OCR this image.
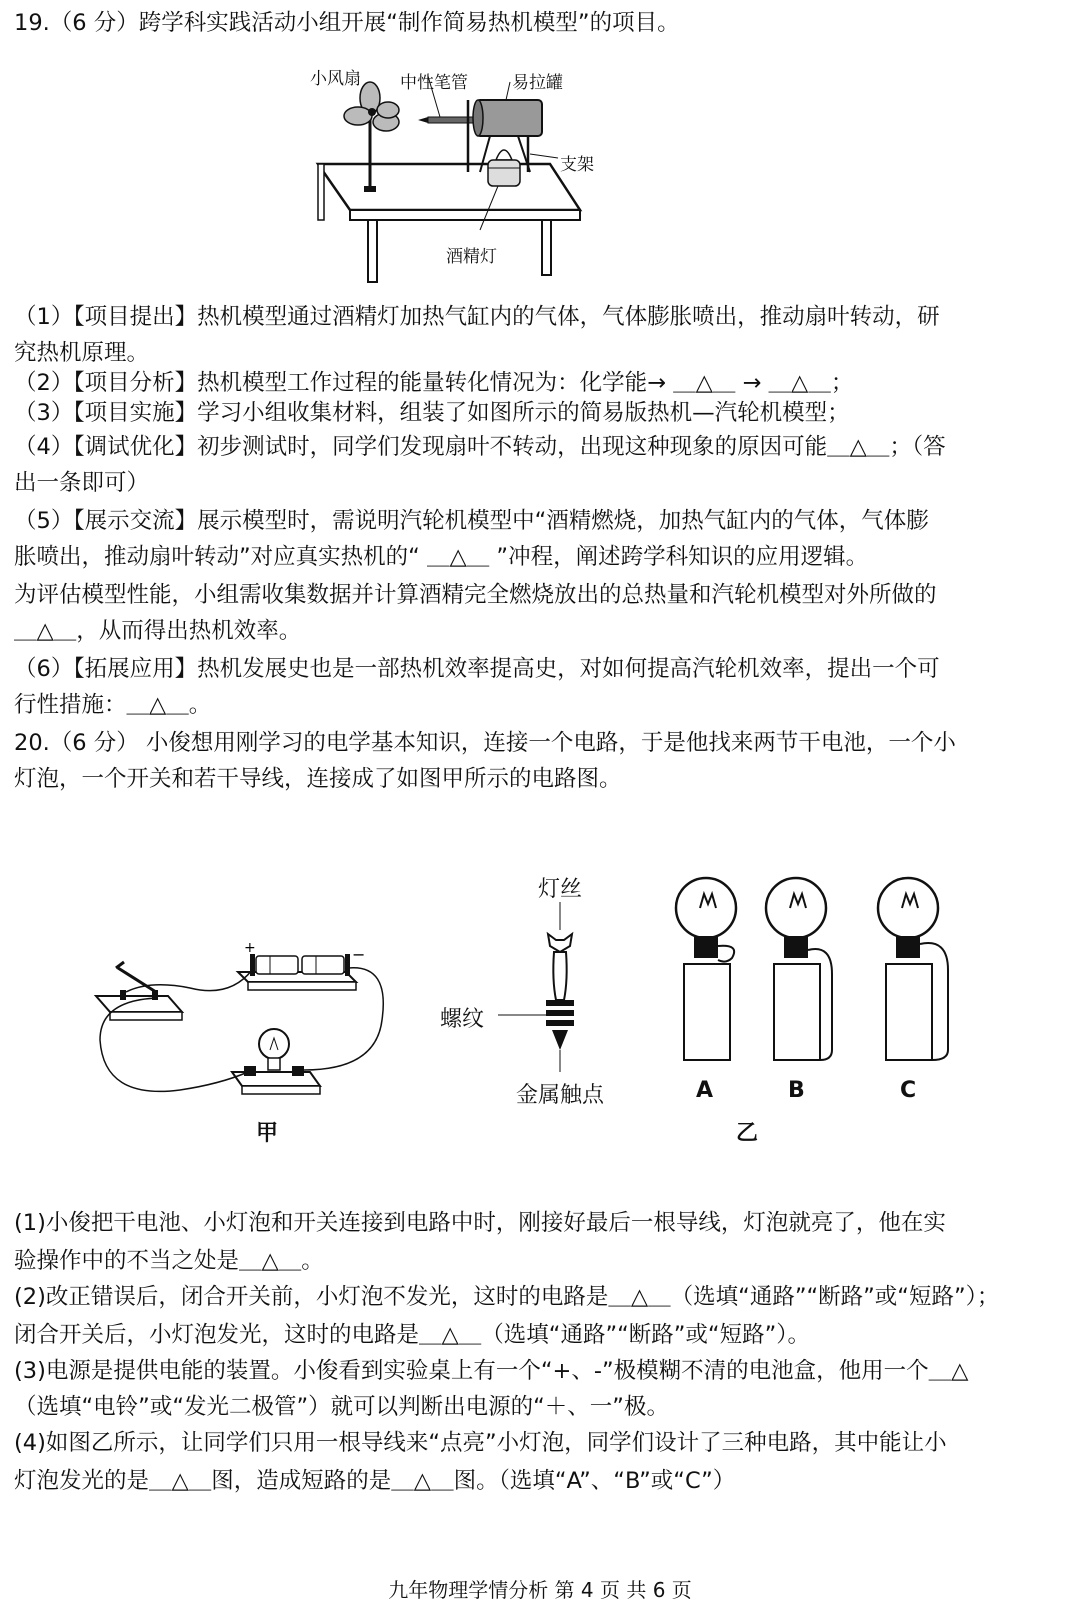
19.（6 分）跨学科实践活动小组开展“制作简易热机模型”的项目。
小风扇 中性笔管	易拉罐
支架
酒精灯
（1）【项目提出】热机模型通过酒精灯加热气缸内的气体，气体膨胀喷出，推动扇叶转动，研
究热机原理。
（2）【项目分析】热机模型工作过程的能量转化情况为：化学能→ ＿△＿ → ＿△＿；
（3）【项目实施】学习小组收集材料，组装了如图所示的简易版热机—汽轮机模型；
（4）【调试优化】初步测试时，同学们发现扇叶不转动，出现这种现象的原因可能＿△＿；（答
出一条即可）
（5）【展示交流】展示模型时，需说明汽轮机模型中“酒精燃烧，加热气缸内的气体，气体膨
胀喷出，推动扇叶转动”对应真实热机的“ ＿△＿ ”冲程，阐述跨学科知识的应用逻辑。
为评估模型性能，小组需收集数据并计算酒精完全燃烧放出的总热量和汽轮机模型对外所做的
＿△＿，从而得出热机效率。
（6）【拓展应用】热机发展史也是一部热机效率提高史，对如何提高汽轮机效率，提出一个可
行性措施：＿△＿。
20.（6 分） 小俊想用刚学习的电学基本知识，连接一个电路，于是他找来两节干电池，一个小
灯泡，一个开关和若干导线，连接成了如图甲所示的电路图。
+	−
甲
灯丝
螺纹
金属触点	A	B	C
乙
(1)小俊把干电池、小灯泡和开关连接到电路中时，刚接好最后一根导线，灯泡就亮了，他在实
验操作中的不当之处是＿△＿。
(2)改正错误后，闭合开关前，小灯泡不发光，这时的电路是＿△＿（选填“通路”“断路”或“短路”）；
闭合开关后，小灯泡发光，这时的电路是＿△＿（选填“通路”“断路”或“短路”）。
(3)电源是提供电能的装置。小俊看到实验桌上有一个“+、-”极模糊不清的电池盒，他用一个＿△
（选填“电铃”或“发光二极管”）就可以判断出电源的“＋、一”极。
(4)如图乙所示，让同学们只用一根导线来“点亮”小灯泡，同学们设计了三种电路，其中能让小
灯泡发光的是＿△＿图，造成短路的是＿△＿图。（选填“A”、“B”或“C”）
九年物理学情分析 第 4 页 共 6 页
